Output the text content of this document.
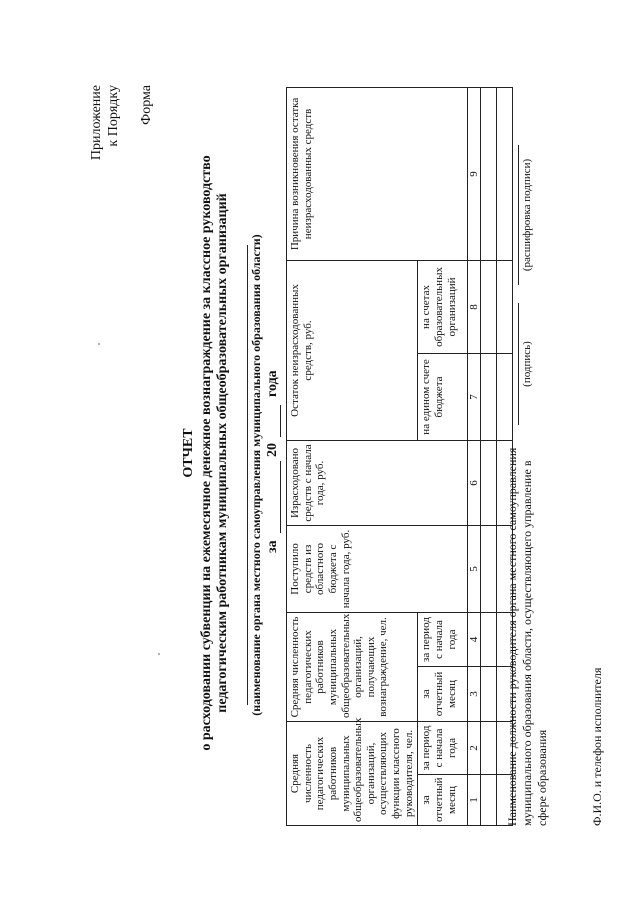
Приложение к Порядку Форма
ОТЧЕТ о расходовании субвенции на ежемесячное денежное вознаграждение за классное руководство педагогическим работникам муниципальных общеобразовательных организаций (наименование органа местного самоуправления муниципального образования области) за
20
года
Средняя численность педагогических работников муниципальных общеобразовательных организаций, осуществляющих функции классного руководителя, чел.		Средняя численность педагогических работников муниципальных общеобразовательных организаций, получающих вознаграждение, чел.		Поступило средств из областного бюджета с начала года, руб.	Израсходовано средств с начала года, руб.	Остаток неизрасходованных средств, руб.		Причина возникновения остатка неизрасходованных средств
за отчетный месяц	за период с начала года	за отчетный месяц	за период с начала года			на едином счете бюджета	на счетах образовательных организаций	
1	2	3	4	5	6	7	8	9

Наименование должности руководителя органа местного самоуправления муниципального образования области, осуществляющего управление в сфере образования
(подпись)
(расшифровка подписи)
Ф.И.О. и телефон исполнителя
